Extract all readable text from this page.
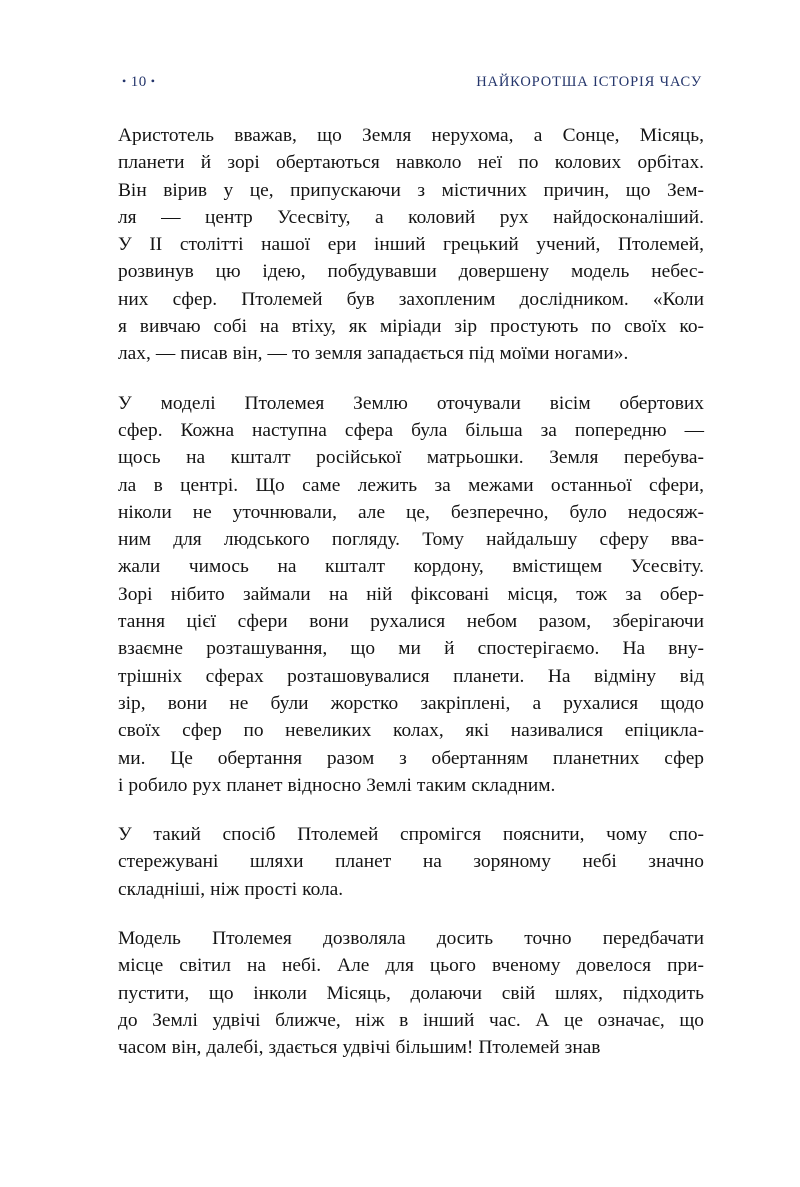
• 10 •	НАЙКОРОТША ІСТОРІЯ ЧАСУ

Аристотель вважав, що Земля нерухома, а Сонце, Місяць,
планети й зорі обертаються навколо неї по колових орбітах.
Він вірив у це, припускаючи з містичних причин, що Зем-
ля — центр Усесвіту, а коловий рух найдосконаліший.
У II столітті нашої ери інший грецький учений, Птолемей,
розвинув цю ідею, побудувавши довершену модель небес-
них сфер. Птолемей був захопленим дослідником. «Коли
я вивчаю собі на втіху, як міріади зір простують по своїх ко-
лах, — писав він, — то земля западається під моїми ногами».

У моделі Птолемея Землю оточували вісім обертових
сфер. Кожна наступна сфера була більша за попередню —
щось на кшталт російської матрьошки. Земля перебува-
ла в центрі. Що саме лежить за межами останньої сфери,
ніколи не уточнювали, але це, безперечно, було недосяж-
ним для людського погляду. Тому найдальшу сферу вва-
жали чимось на кшталт кордону, вмістищем Усесвіту.
Зорі нібито займали на ній фіксовані місця, тож за обер-
тання цієї сфери вони рухалися небом разом, зберігаючи
взаємне розташування, що ми й спостерігаємо. На вну-
трішніх сферах розташовувалися планети. На відміну від
зір, вони не були жорстко закріплені, а рухалися щодо
своїх сфер по невеликих колах, які називалися епіцикла-
ми. Це обертання разом з обертанням планетних сфер
і робило рух планет відносно Землі таким складним.

У такий спосіб Птолемей спромігся пояснити, чому спо-
стережувані шляхи планет на зоряному небі значно
складніші, ніж прості кола.

Модель Птолемея дозволяла досить точно передбачати
місце світил на небі. Але для цього вченому довелося при-
пустити, що інколи Місяць, долаючи свій шлях, підходить
до Землі удвічі ближче, ніж в інший час. А це означає, що
часом він, далебі, здається удвічі більшим! Птолемей знав
